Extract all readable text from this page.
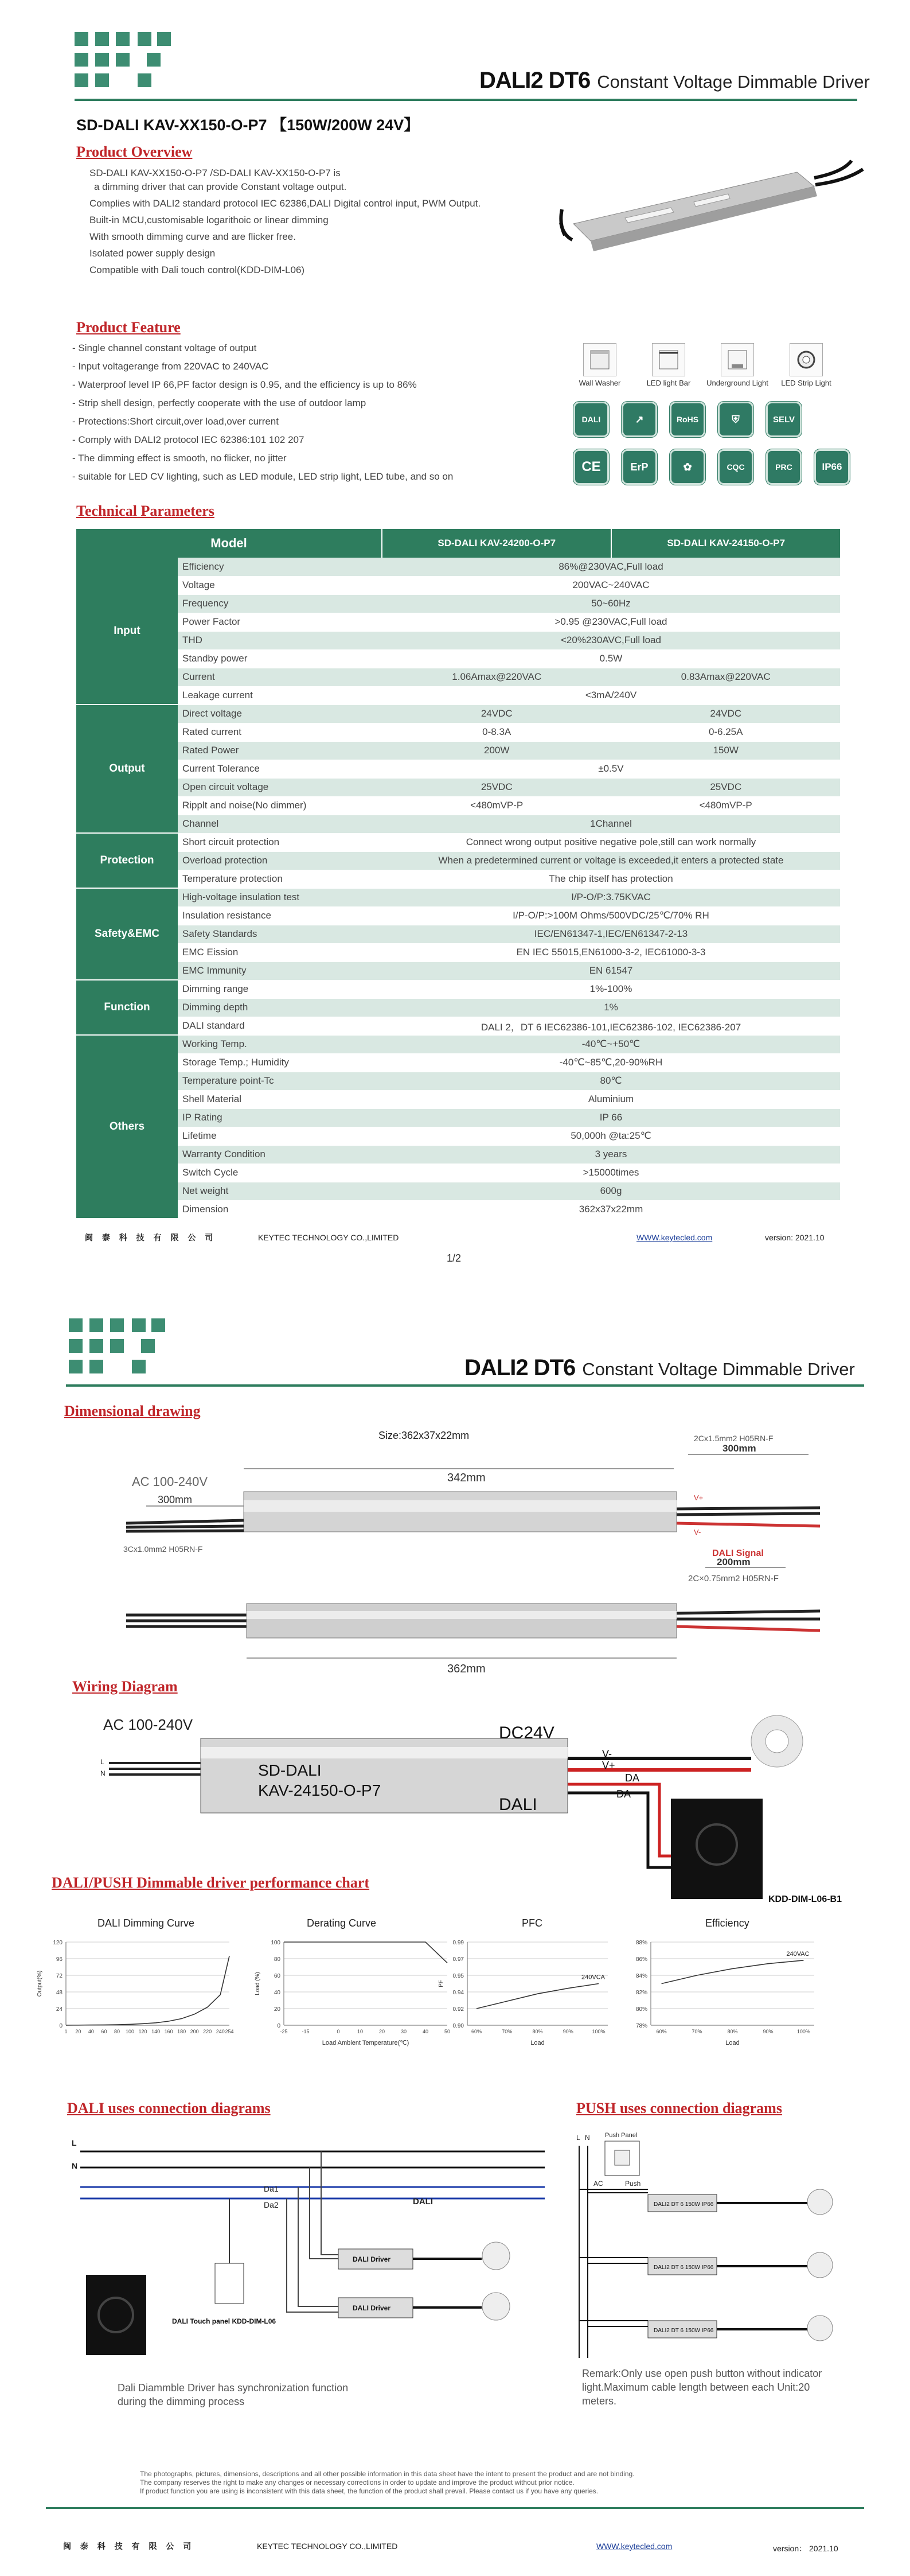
DALI2 DT6 Constant Voltage Dimmable Driver
SD-DALI KAV-XX150-O-P7 【150W/200W 24V】
Product Overview
SD-DALI KAV-XX150-O-P7 /SD-DALI KAV-XX150-O-P7 is
a dimming driver that can provide Constant voltage output.
Complies with DALI2 standard protocol IEC 62386,DALI Digital control input, PWM Output.
Built-in MCU,customisable logarithoic or linear dimming
With smooth dimming curve and are flicker free.
Isolated power supply design
Compatible with Dali touch control(KDD-DIM-L06)
Product Feature
- Single channel constant voltage of output
- Input voltagerange from 220VAC to 240VAC
- Waterproof level IP 66,PF factor design is 0.95, and the efficiency is up to 86%
- Strip shell design, perfectly cooperate with the use of outdoor lamp
- Protections:Short circuit,over load,over current
- Comply with DALI2 protocol IEC 62386:101 102 207
- The dimming effect is smooth, no flicker, no jitter
- suitable for LED CV lighting, such as LED module, LED strip light, LED tube, and so on
Wall Washer	LED light Bar Underground Light LED Strip Light
DALI	↗	RoHS	⛨	SELV
CE	ErP	✿	CQC	PRC	IP66
Technical Parameters
Model		SD-DALI KAV-24200-O-P7	SD-DALI KAV-24150-O-P7
Input	Efficiency	86%@230VAC,Full load	
	Voltage	200VAC~240VAC	
	Frequency	50~60Hz	
	Power Factor	>0.95 @230VAC,Full load	
	THD	<20%230AVC,Full load	
	Standby power	0.5W	
	Current	1.06Amax@220VAC	0.83Amax@220VAC
	Leakage current	<3mA/240V	
Output	Direct voltage	24VDC	24VDC
	Rated current	0-8.3A	0-6.25A
	Rated Power	200W	150W
	Current Tolerance	±0.5V	
	Open circuit voltage	25VDC	25VDC
	Ripplt and noise(No dimmer)	<480mVP-P	<480mVP-P
	Channel	1Channel	
Protection	Short circuit protection	Connect wrong output positive negative pole,still can work normally	
	Overload protection	When a predetermined current or voltage is exceeded,it enters a protected state	
	Temperature protection	The chip itself has protection	
Safety&EMC	High-voltage insulation test	I/P-O/P:3.75KVAC	
	Insulation resistance	I/P-O/P:>100M Ohms/500VDC/25℃/70% RH	
	Safety Standards	IEC/EN61347-1,IEC/EN61347-2-13	
	EMC Eission	EN IEC 55015,EN61000-3-2, IEC61000-3-3	
	EMC Immunity	EN 61547	
Function	Dimming range	1%-100%	
	Dimming depth	1%	
	DALI standard	DALI 2，DT 6 IEC62386-101,IEC62386-102, IEC62386-207	
Others	Working Temp.	-40℃~+50℃	
	Storage Temp.; Humidity	-40℃~85℃,20-90%RH	
	Temperature point-Tc	80℃	
	Shell Material	Aluminium	
	IP Rating	IP 66	
	Lifetime	50,000h @ta:25℃	
	Warranty Condition	3 years	
	Switch Cycle	>15000times	
	Net weight	600g	
	Dimension	362x37x22mm	
闽 泰 科 技 有 限 公 司	KEYTEC TECHNOLOGY CO.,LIMITED	WWW.keytecled.com	version: 2021.10
1/2
DALI2 DT6 Constant Voltage Dimmable Driver
Dimensional drawing
Size:362x37x22mm
AC 100-240V	342mm
300mm
3Cx1.0mm2 H05RN-F
2Cx1.5mm2 H05RN-F
300mm
DALI Signal
200mm
2C×0.75mm2 H05RN-F
V+
V-
362mm
Wiring Diagram
AC 100-240V
L
N	SD-DALI
KAV-24150-O-P7
DC24V
DALI
V-
V+
DA
DA
KDD-DIM-L06-B1
DALI/PUSH Dimmable driver performance chart
DALI Dimming Curve	Derating Curve	PFC	Efficiency
0
24
48
72
96
120
1 20 40 60 80 100 120 140 160 180 200 220 240 254
Output(%)
0
20
40
60
80
100
-25	-15	0	10	20	30	40	50
Load Ambient Temperature(℃)
Load (%)
0.90
0.92
0.94
0.95
0.97
0.99
60%	70%	80%	90%	100%
240VCA
Load
PF
78%
80%
82%
84%
86%
88%
60%	70%	80%	90%	100%
240VAC
Load
DALI uses connection diagrams	PUSH uses connection diagrams
L
N
Da1
Da2	DALI
DALI Driver
DALI Driver
DALI Touch panel KDD-DIM-L06
Dali Diammble Driver has synchronization function during the dimming process
L N Push Panel
AC	Push
DALI2 DT 6 150W IP66
DALI2 DT 6 150W IP66
DALI2 DT 6 150W IP66
Remark:Only use open push button without indicator light.Maximum cable length between each Unit:20 meters.
The photographs, pictures, dimensions, descriptions and all other possible information in this data sheet have the intent to present the product and are not binding.
The company reserves the right to make any changes or necessary corrections in order to update and improve the product without prior notice.
If product function you are using is inconsistent with this data sheet, the function of the product shall prevail. Please contact us if you have any queries.
闽 泰 科 技 有 限 公 司	KEYTEC TECHNOLOGY CO.,LIMITED	WWW.keytecled.com	version： 2021.10
